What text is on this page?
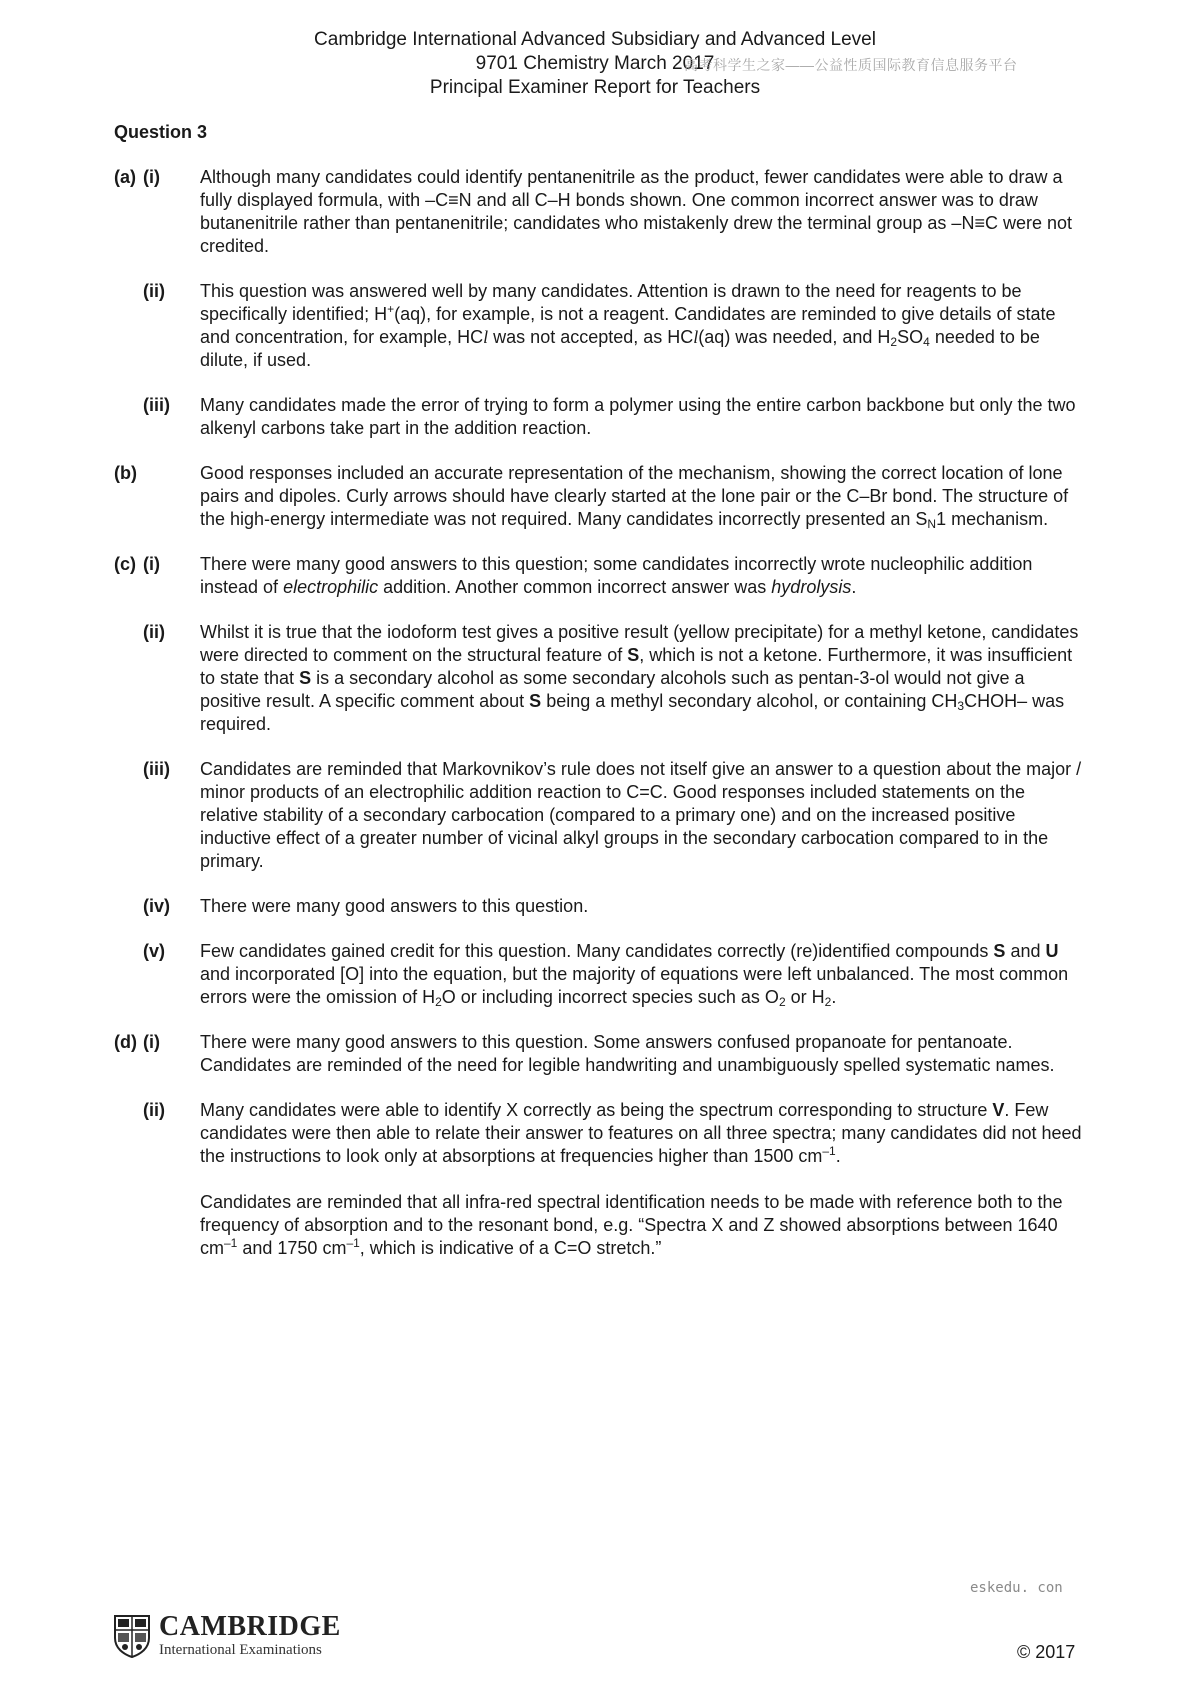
Cambridge International Advanced Subsidiary and Advanced Level
9701 Chemistry March 2017
Principal Examiner Report for Teachers
高考科学生之家——公益性质国际教育信息服务平台
Question 3
(a) (i) Although many candidates could identify pentanenitrile as the product, fewer candidates were able to draw a fully displayed formula, with –C≡N and all C–H bonds shown. One common incorrect answer was to draw butanenitrile rather than pentanenitrile; candidates who mistakenly drew the terminal group as –N≡C were not credited.

(ii) This question was answered well by many candidates. Attention is drawn to the need for reagents to be specifically identified; H+(aq), for example, is not a reagent. Candidates are reminded to give details of state and concentration, for example, HCl was not accepted, as HCl(aq) was needed, and $H_2SO_4$ needed to be dilute, if used.

(iii) Many candidates made the error of trying to form a polymer using the entire carbon backbone but only the two alkenyl carbons take part in the addition reaction.

(b)	Good responses included an accurate representation of the mechanism, showing the correct location of lone pairs and dipoles. Curly arrows should have clearly started at the lone pair or the C–Br bond. The structure of the high-energy intermediate was not required. Many candidates incorrectly presented an $S_N1$ mechanism.

(c) (i) There were many good answers to this question; some candidates incorrectly wrote nucleophilic addition instead of electrophilic addition. Another common incorrect answer was hydrolysis.

(ii) Whilst it is true that the iodoform test gives a positive result (yellow precipitate) for a methyl ketone, candidates were directed to comment on the structural feature of S, which is not a ketone. Furthermore, it was insufficient to state that S is a secondary alcohol as some secondary alcohols such as pentan-3-ol would not give a positive result. A specific comment about S being a methyl secondary alcohol, or containing $CH_3CHOH-$ was required.

(iii) Candidates are reminded that Markovnikov’s rule does not itself give an answer to a question about the major / minor products of an electrophilic addition reaction to C=C. Good responses included statements on the relative stability of a secondary carbocation (compared to a primary one) and on the increased positive inductive effect of a greater number of vicinal alkyl groups in the secondary carbocation compared to in the primary.

(iv) There were many good answers to this question.

(v) Few candidates gained credit for this question. Many candidates correctly (re)identified compounds S and U and incorporated [O] into the equation, but the majority of equations were left unbalanced. The most common errors were the omission of $H_2O$ or including incorrect species such as $O_2$ or $H_2$.

(d) (i) There were many good answers to this question. Some answers confused propanoate for pentanoate. Candidates are reminded of the need for legible handwriting and unambiguously spelled systematic names.

(ii) Many candidates were able to identify X correctly as being the spectrum corresponding to structure V. Few candidates were then able to relate their answer to features on all three spectra; many candidates did not heed the instructions to look only at absorptions at frequencies higher than 1500 $cm^{-1}$.

Candidates are reminded that all infra-red spectral identification needs to be made with reference both to the frequency of absorption and to the resonant bond, e.g. “Spectra X and Z showed absorptions between 1640 $cm^{-1}$ and 1750 $cm^{-1}$, which is indicative of a C=O stretch.”

eskedu. con
CAMBRIDGE
International Examinations	© 2017
